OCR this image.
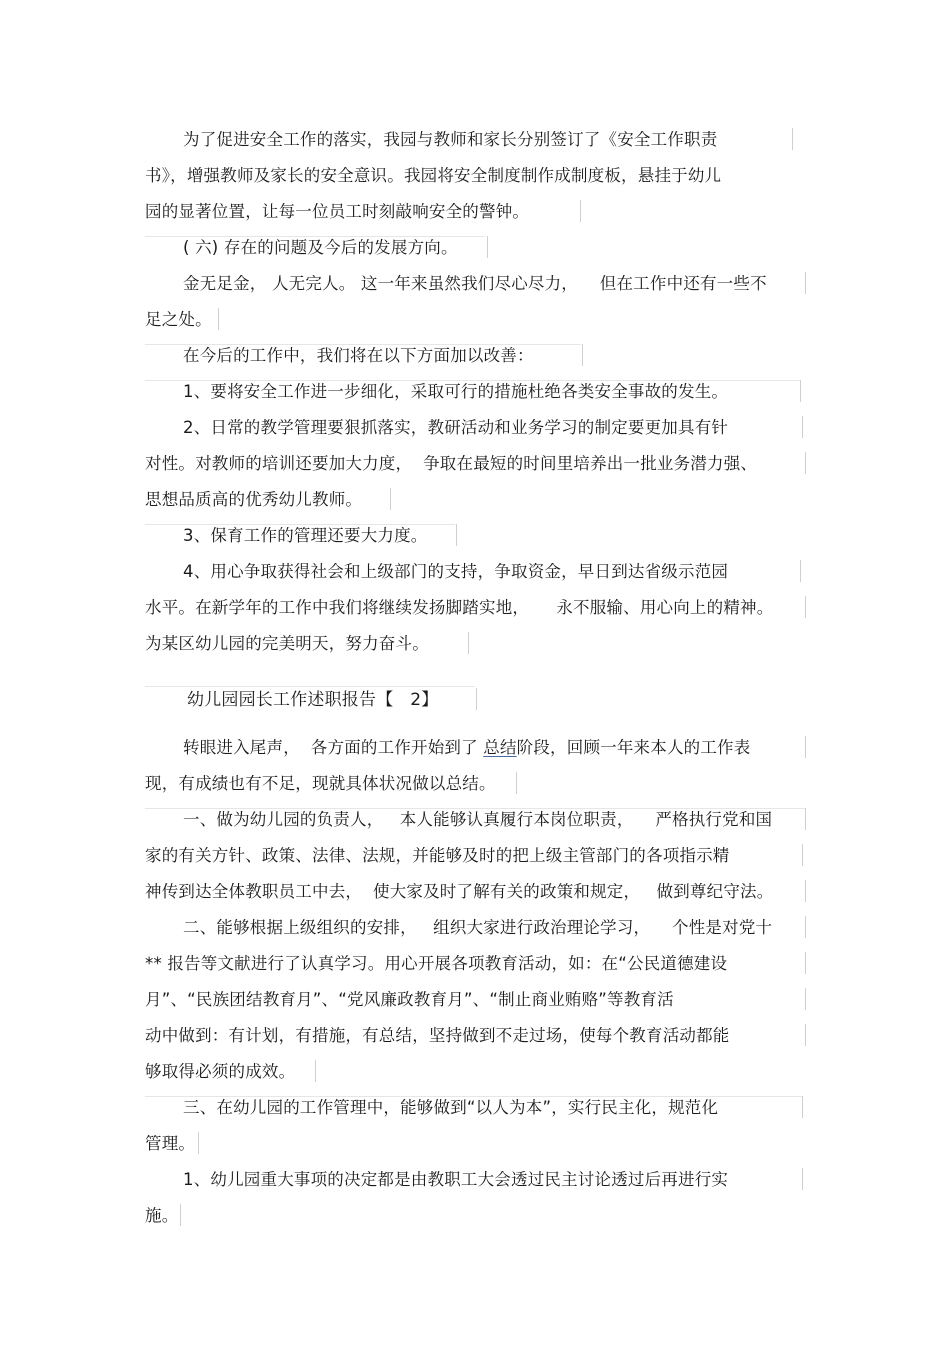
为了促进安全工作的落实，我园与教师和家长分别签订了《安全工作职责
书》，增强教师及家长的安全意识。我园将安全制度制作成制度板，悬挂于幼儿
园的显著位置，让每一位员工时刻敲响安全的警钟。
( 六) 存在的问题及今后的发展方向。
金无足金， 人无完人。 这一年来虽然我们尽心尽力，    但在工作中还有一些不
足之处。
在今后的工作中，我们将在以下方面加以改善：
1、要将安全工作进一步细化，采取可行的措施杜绝各类安全事故的发生。
2、日常的教学管理要狠抓落实，教研活动和业务学习的制定要更加具有针
对性。对教师的培训还要加大力度，  争取在最短的时间里培养出一批业务潜力强、
思想品质高的优秀幼儿教师。
3、保育工作的管理还要大力度。
4、用心争取获得社会和上级部门的支持，争取资金，早日到达省级示范园
水平。在新学年的工作中我们将继续发扬脚踏实地，     永不服输、用心向上的精神。
为某区幼儿园的完美明天，努力奋斗。
幼儿园园长工作述职报告【   2】
转眼进入尾声，  各方面的工作开始到了 总结阶段，回顾一年来本人的工作表
现，有成绩也有不足，现就具体状况做以总结。
一、做为幼儿园的负责人，   本人能够认真履行本岗位职责，    严格执行党和国
家的有关方针、政策、法律、法规，并能够及时的把上级主管部门的各项指示精
神传到达全体教职员工中去，  使大家及时了解有关的政策和规定，   做到尊纪守法。
二、能够根据上级组织的安排，   组织大家进行政治理论学习，    个性是对党十
** 报告等文献进行了认真学习。用心开展各项教育活动，如：在“公民道德建设
月”、“民族团结教育月”、“党风廉政教育月”、“制止商业贿赂”等教育活
动中做到：有计划，有措施，有总结，坚持做到不走过场，使每个教育活动都能
够取得必须的成效。
三、在幼儿园的工作管理中，能够做到“以人为本”，实行民主化，规范化
管理。
1、幼儿园重大事项的决定都是由教职工大会透过民主讨论透过后再进行实
施。
